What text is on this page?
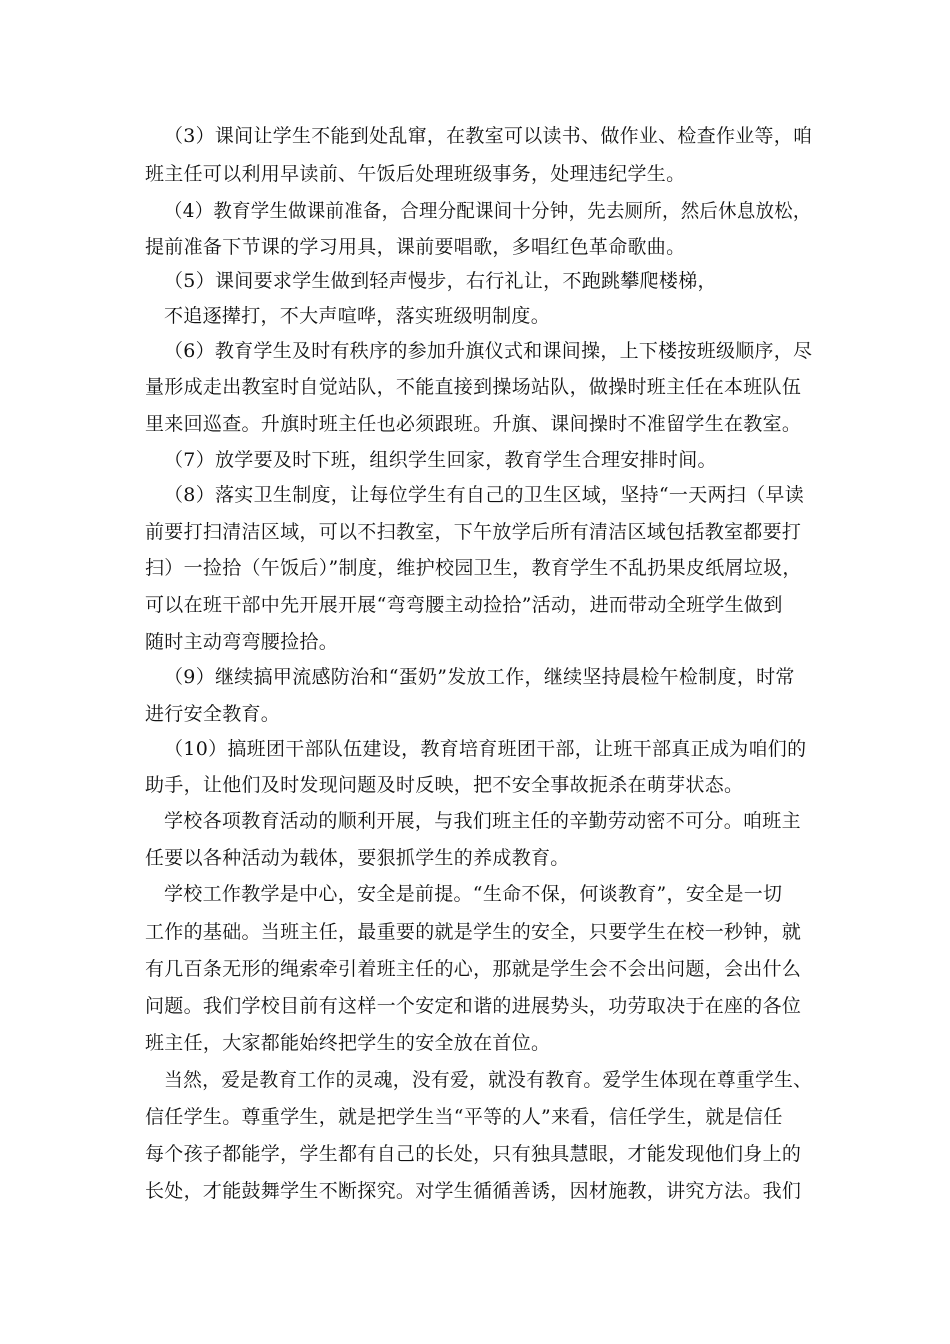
（3）课间让学生不能到处乱窜，在教室可以读书、做作业、检查作业等，咱
班主任可以利用早读前、午饭后处理班级事务，处理违纪学生。
（4）教育学生做课前准备，合理分配课间十分钟，先去厕所，然后休息放松，
提前准备下节课的学习用具，课前要唱歌，多唱红色革命歌曲。
（5）课间要求学生做到轻声慢步，右行礼让，不跑跳攀爬楼梯，
不追逐撵打，不大声喧哗，落实班级明制度。
（6）教育学生及时有秩序的参加升旗仪式和课间操，上下楼按班级顺序，尽
量形成走出教室时自觉站队，不能直接到操场站队，做操时班主任在本班队伍
里来回巡查。升旗时班主任也必须跟班。升旗、课间操时不准留学生在教室。
（7）放学要及时下班，组织学生回家，教育学生合理安排时间。
（8）落实卫生制度，让每位学生有自己的卫生区域，坚持“一天两扫（早读
前要打扫清洁区域，可以不扫教室，下午放学后所有清洁区域包括教室都要打
扫）一捡拾（午饭后）”制度，维护校园卫生，教育学生不乱扔果皮纸屑垃圾，
可以在班干部中先开展开展“弯弯腰主动捡拾”活动，进而带动全班学生做到
随时主动弯弯腰捡拾。
（9）继续搞甲流感防治和“蛋奶”发放工作，继续坚持晨检午检制度，时常
进行安全教育。
（10）搞班团干部队伍建设，教育培育班团干部，让班干部真正成为咱们的
助手，让他们及时发现问题及时反映，把不安全事故扼杀在萌芽状态。
学校各项教育活动的顺利开展，与我们班主任的辛勤劳动密不可分。咱班主
任要以各种活动为载体，要狠抓学生的养成教育。
学校工作教学是中心，安全是前提。“生命不保，何谈教育”，安全是一切
工作的基础。当班主任，最重要的就是学生的安全，只要学生在校一秒钟，就
有几百条无形的绳索牵引着班主任的心，那就是学生会不会出问题，会出什么
问题。我们学校目前有这样一个安定和谐的进展势头，功劳取决于在座的各位
班主任，大家都能始终把学生的安全放在首位。
当然，爱是教育工作的灵魂，没有爱，就没有教育。爱学生体现在尊重学生、
信任学生。尊重学生，就是把学生当“平等的人”来看，信任学生，就是信任
每个孩子都能学，学生都有自己的长处，只有独具慧眼，才能发现他们身上的
长处，才能鼓舞学生不断探究。对学生循循善诱，因材施教，讲究方法。我们
